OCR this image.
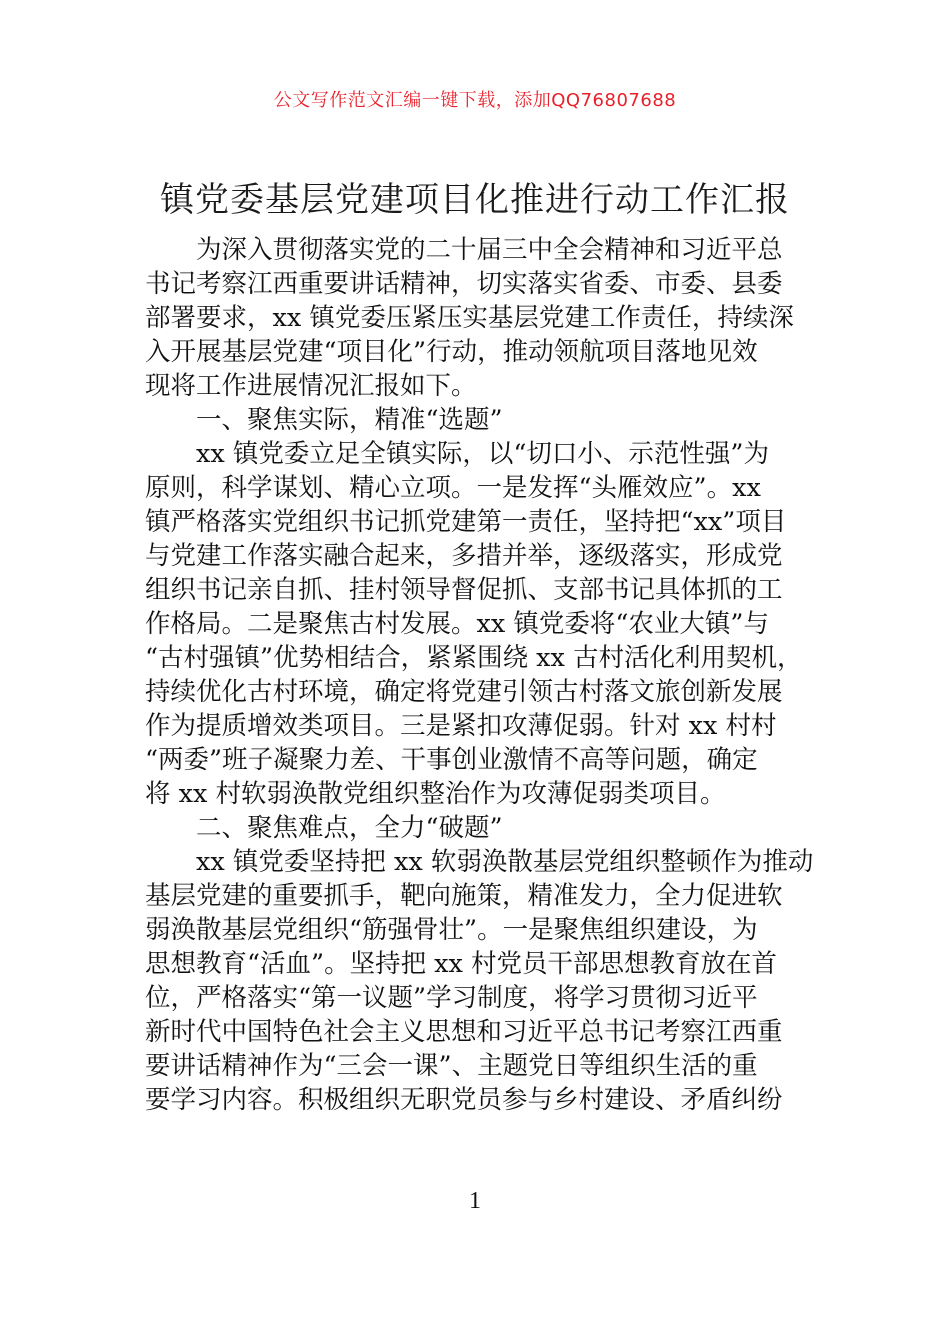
公文写作范文汇编一键下载，添加QQ76807688
镇党委基层党建项目化推进行动工作汇报
为深入贯彻落实党的二十届三中全会精神和习近平总
书记考察江西重要讲话精神，切实落实省委、市委、县委
部署要求，xx 镇党委压紧压实基层党建工作责任，持续深
入开展基层党建“项目化”行动，推动领航项目落地见效
现将工作进展情况汇报如下。
一、聚焦实际，精准“选题”
xx 镇党委立足全镇实际，以“切口小、示范性强”为
原则，科学谋划、精心立项。一是发挥“头雁效应”。xx
镇严格落实党组织书记抓党建第一责任，坚持把“xx”项目
与党建工作落实融合起来，多措并举，逐级落实，形成党
组织书记亲自抓、挂村领导督促抓、支部书记具体抓的工
作格局。二是聚焦古村发展。xx 镇党委将“农业大镇”与
“古村强镇”优势相结合，紧紧围绕 xx 古村活化利用契机，
持续优化古村环境，确定将党建引领古村落文旅创新发展
作为提质增效类项目。三是紧扣攻薄促弱。针对 xx 村村
“两委”班子凝聚力差、干事创业激情不高等问题，确定
将 xx 村软弱涣散党组织整治作为攻薄促弱类项目。
二、聚焦难点，全力“破题”
xx 镇党委坚持把 xx 软弱涣散基层党组织整顿作为推动
基层党建的重要抓手，靶向施策，精准发力，全力促进软
弱涣散基层党组织“筋强骨壮”。一是聚焦组织建设，为
思想教育“活血”。坚持把 xx 村党员干部思想教育放在首
位，严格落实“第一议题”学习制度，将学习贯彻习近平
新时代中国特色社会主义思想和习近平总书记考察江西重
要讲话精神作为“三会一课”、主题党日等组织生活的重
要学习内容。积极组织无职党员参与乡村建设、矛盾纠纷
1
